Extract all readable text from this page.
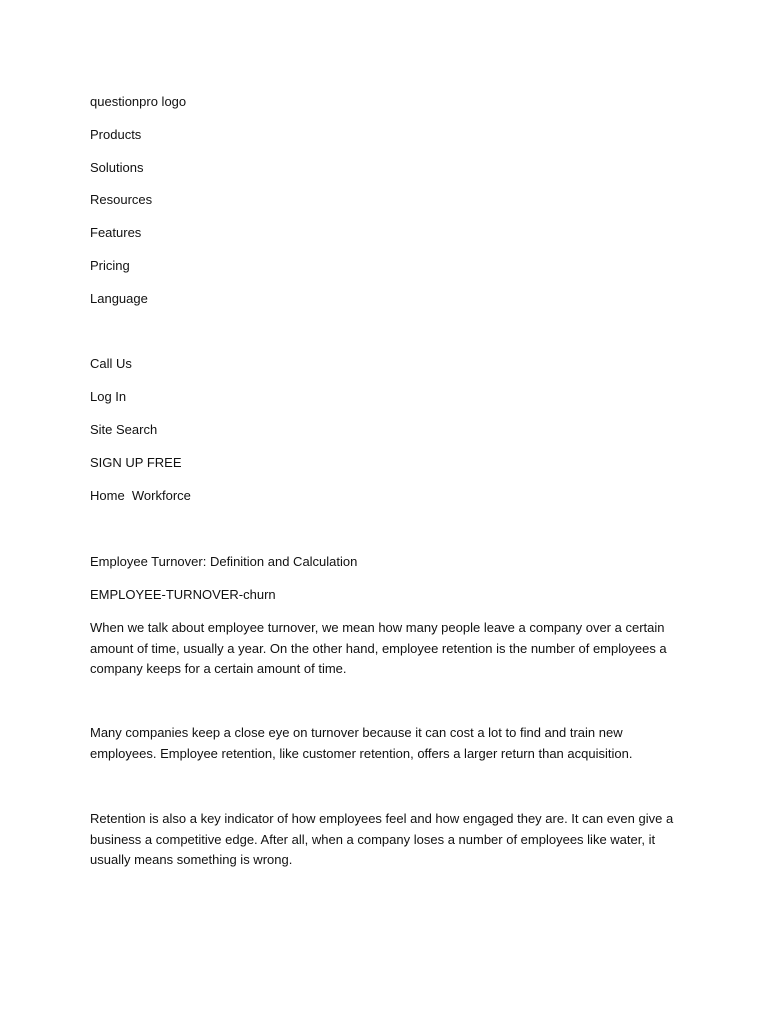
questionpro logo

Products

Solutions

Resources

Features

Pricing

Language

Call Us

Log In

Site Search

SIGN UP FREE

Home  Workforce

Employee Turnover: Definition and Calculation

EMPLOYEE-TURNOVER-churn

When we talk about employee turnover, we mean how many people leave a company over a certain amount of time, usually a year. On the other hand, employee retention is the number of employees a company keeps for a certain amount of time.

Many companies keep a close eye on turnover because it can cost a lot to find and train new employees. Employee retention, like customer retention, offers a larger return than acquisition.

Retention is also a key indicator of how employees feel and how engaged they are. It can even give a business a competitive edge. After all, when a company loses a number of employees like water, it usually means something is wrong.
